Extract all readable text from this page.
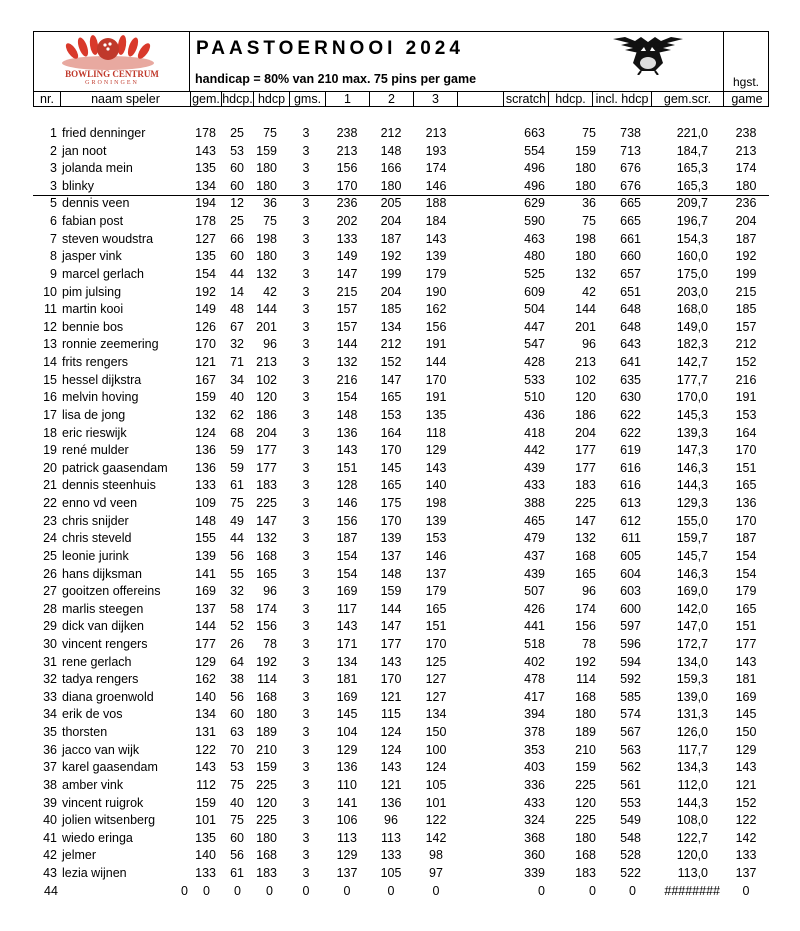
BOWLING CENTRUM
GRONINGEN
PAASTOERNOOI 2024
handicap = 80% van 210 max. 75 pins per game	hgst.
nr.	naam speler	gem. hdcp. hdcp gms.	1	2	3	scratch hdcp. incl. hdcp	gem.scr.	game
1 fried denninger	178 25 75	3	238	212	213	663	75 738	221,0	238
2 jan noot	143 53 159	3	213	148	193	554 159 713	184,7	213
3 jolanda mein	135 60 180	3	156	166	174	496 180 676	165,3	174
3 blinky	134 60 180	3	170	180	146	496 180 676	165,3	180
5 dennis veen	194 12 36	3	236	205	188	629	36 665	209,7	236
6 fabian post	178 25 75	3	202	204	184	590	75 665	196,7	204
7 steven woudstra	127 66 198	3	133	187	143	463 198 661	154,3	187
8 jasper vink	135 60 180	3	149	192	139	480 180 660	160,0	192
9 marcel gerlach	154 44 132	3	147	199	179	525 132 657	175,0	199
10 pim julsing	192 14 42	3	215	204	190	609	42 651	203,0	215
11 martin kooi	149 48 144	3	157	185	162	504 144 648	168,0	185
12 bennie bos	126 67 201	3	157	134	156	447 201 648	149,0	157
13 ronnie zeemering	170 32 96	3	144	212	191	547	96 643	182,3	212
14 frits rengers	121 71 213	3	132	152	144	428 213 641	142,7	152
15 hessel dijkstra	167 34 102	3	216	147	170	533 102 635	177,7	216
16 melvin hoving	159 40 120	3	154	165	191	510 120 630	170,0	191
17 lisa de jong	132 62 186	3	148	153	135	436 186 622	145,3	153
18 eric rieswijk	124 68 204	3	136	164	118	418 204 622	139,3	164
19 rené mulder	136 59 177	3	143	170	129	442 177 619	147,3	170
20 patrick gaasendam 136 59 177	3	151	145	143	439 177 616	146,3	151
21 dennis steenhuis	133 61 183	3	128	165	140	433 183 616	144,3	165
22 enno vd veen	109 75 225	3	146	175	198	388 225 613	129,3	136
23 chris snijder	148 49 147	3	156	170	139	465 147 612	155,0	170
24 chris steveld	155 44 132	3	187	139	153	479 132 611	159,7	187
25 leonie jurink	139 56 168	3	154	137	146	437 168 605	145,7	154
26 hans dijksman	141 55 165	3	154	148	137	439 165 604	146,3	154
27 gooitzen offereins	169 32 96	3	169	159	179	507	96 603	169,0	179
28 marlis steegen	137 58 174	3	117	144	165	426 174 600	142,0	165
29 dick van dijken	144 52 156	3	143	147	151	441 156 597	147,0	151
30 vincent rengers	177 26 78	3	171	177	170	518	78 596	172,7	177
31 rene gerlach	129 64 192	3	134	143	125	402 192 594	134,0	143
32 tadya rengers	162 38 114	3	181	170	127	478 114 592	159,3	181
33 diana groenwold	140 56 168	3	169	121	127	417 168 585	139,0	169
34 erik de vos	134 60 180	3	145	115	134	394 180 574	131,3	145
35 thorsten	131 63 189	3	104	124	150	378 189 567	126,0	150
36 jacco van wijk	122 70 210	3	129	124	100	353 210 563	117,7	129
37 karel gaasendam	143 53 159	3	136	143	124	403 159 562	134,3	143
38 amber vink	112 75 225	3	110	121	105	336 225 561	112,0	121
39 vincent ruigrok	159 40 120	3	141	136	101	433 120 553	144,3	152
40 jolien witsenberg	101 75 225	3	106	96	122	324 225 549	108,0	122
41 wiedo eringa	135 60 180	3	113	113	142	368 180 548	122,7	142
42 jelmer	140 56 168	3	129	133	98	360 168 528	120,0	133
43 lezia wijnen	133 61 183	3	137	105	97	339 183 522	113,0	137
44	0 0 0 0	0	0	0	0	0	0	0 ########	0
